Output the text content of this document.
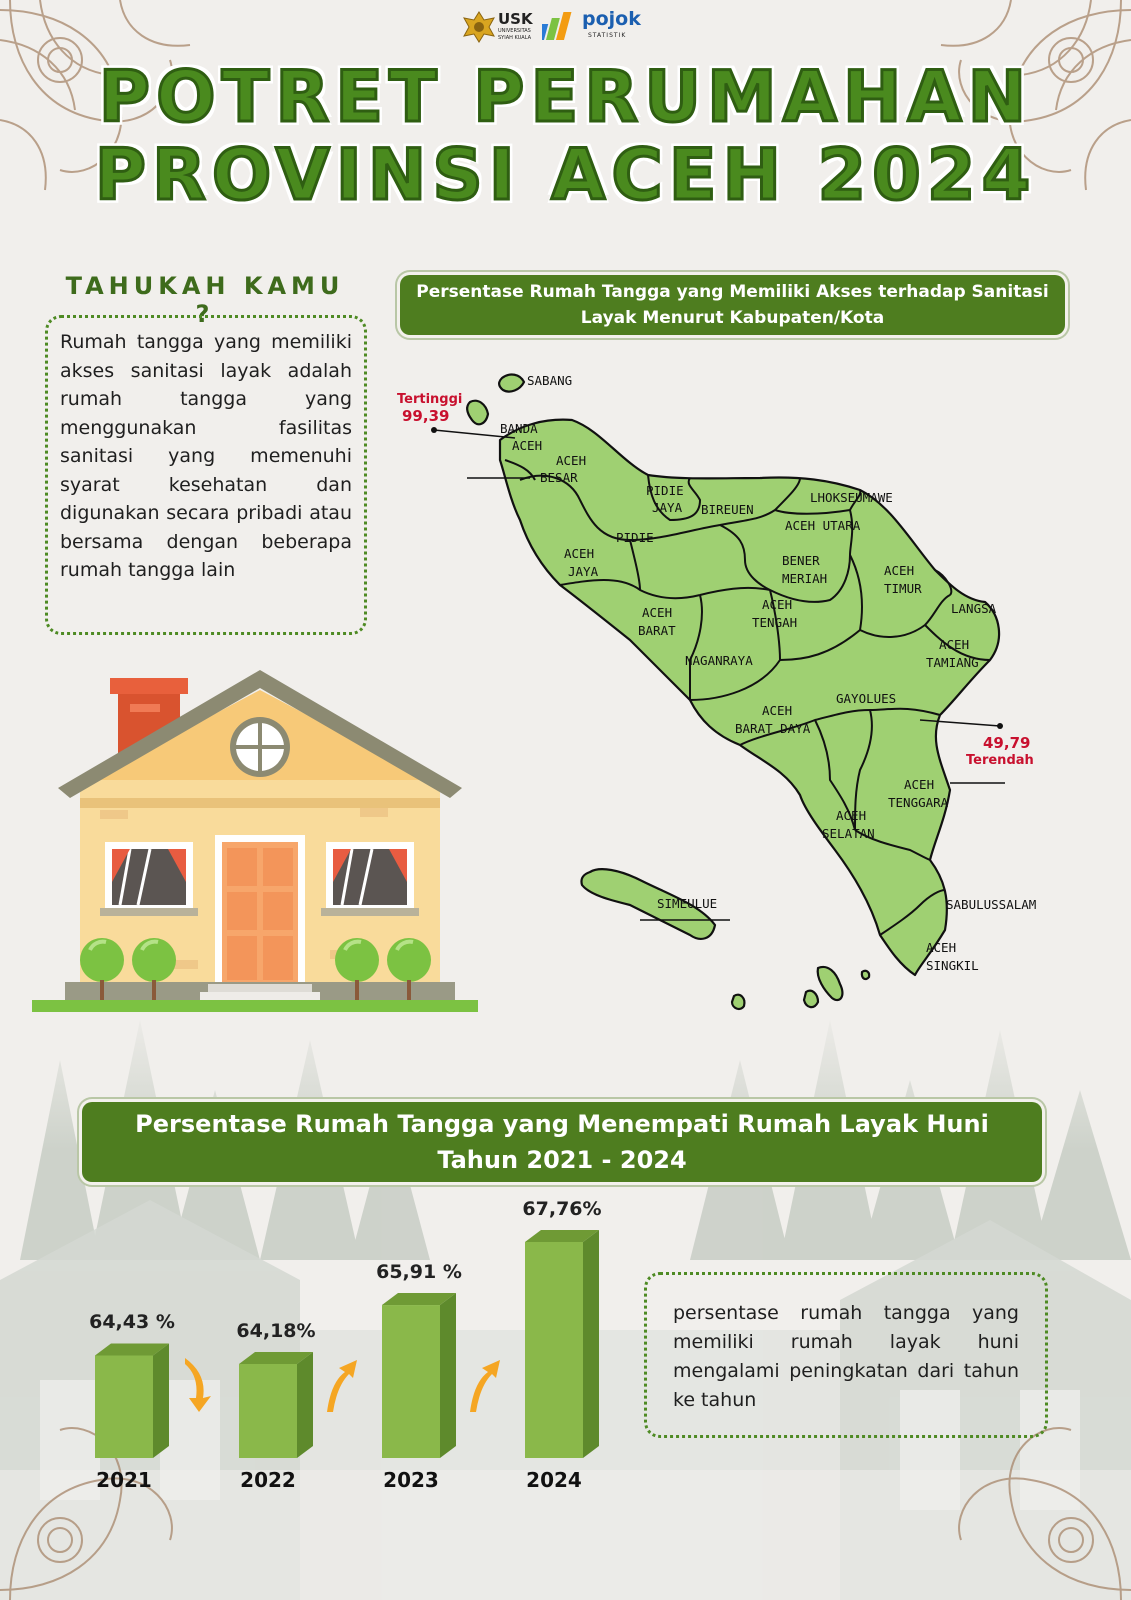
USK
UNIVERSITAS
SYIAH KUALA
pojok
STATISTIK
POTRET PERUMAHAN
PROVINSI ACEH 2024
TAHUKAH KAMU ?
Rumah tangga yang memiliki akses sanitasi layak adalah rumah tangga yang menggunakan fasilitas sanitasi yang memenuhi syarat kesehatan dan digunakan secara pribadi atau bersama dengan beberapa rumah tangga lain
Persentase Rumah Tangga yang Memiliki Akses terhadap Sanitasi
Layak Menurut Kabupaten/Kota
SABANG
BANDA
ACEH
ACEH
BESAR
PIDIE
JAYA
PIDIE
BIREUEN
LHOKSEUMAWE
ACEH UTARA
BENER
MERIAH
ACEH
JAYA	ACEH
TIMUR
LANGSA
ACEH
TAMIANG
ACEH
TENGAH
ACEH
BARAT
NAGANRAYA
GAYOLUES
ACEH
BARAT DAYA
ACEH
TENGGARA
ACEH
SELATAN
SIMEULUE	SABULUSSALAM
ACEH
SINGKIL
Tertinggi
99,39
49,79
Terendah
Persentase Rumah Tangga yang Menempati Rumah Layak Huni
Tahun 2021 - 2024
64,43 %
2021
64,18%
2022
65,91 %
2023
67,76%
2024
persentase rumah tangga yang memiliki rumah layak huni mengalami peningkatan dari tahun ke tahun
